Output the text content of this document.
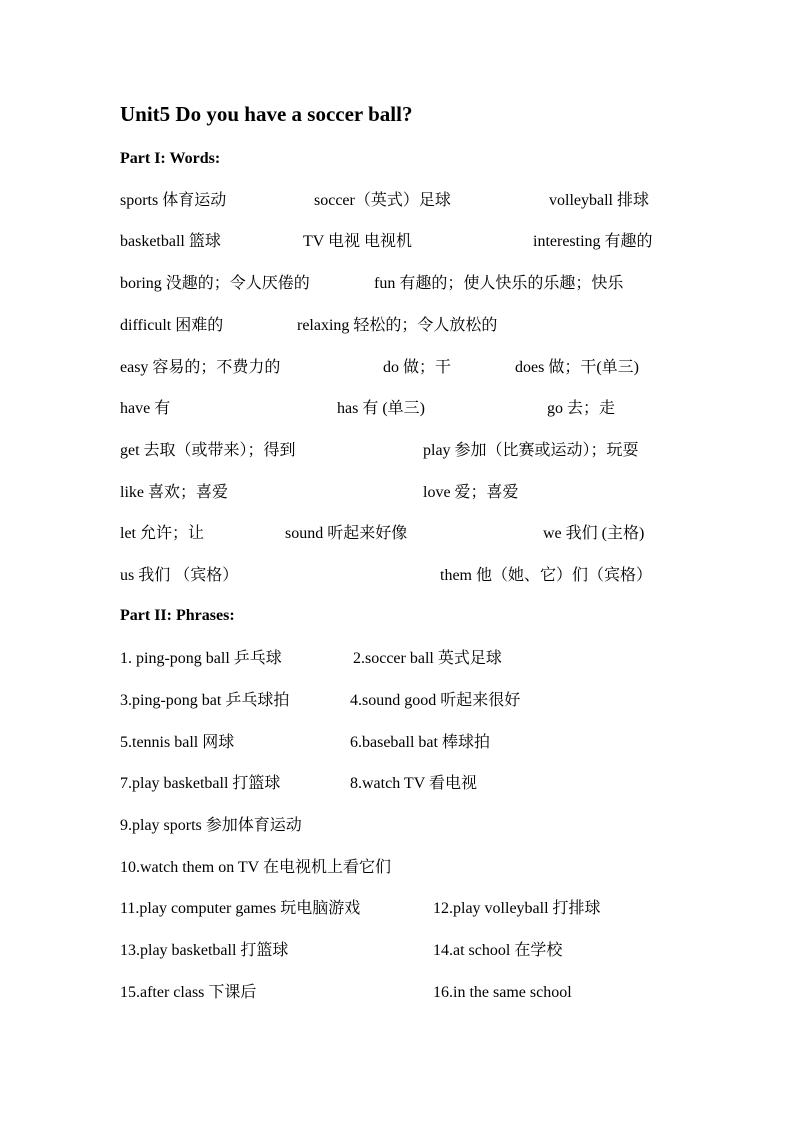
Unit5 Do you have a soccer ball?
Part I: Words:
sports 体育运动	soccer（英式）足球	volleyball 排球
basketball 篮球	TV 电视 电视机	interesting 有趣的
boring 没趣的；令人厌倦的	fun 有趣的；使人快乐的乐趣；快乐
difficult 困难的	relaxing 轻松的；令人放松的
easy 容易的；不费力的	do 做；干	does 做；干(单三)
have 有	has 有 (单三)	go 去；走
get 去取（或带来）；得到	play 参加（比赛或运动）；玩耍
like 喜欢；喜爱	love 爱；喜爱
let 允许；让	sound 听起来好像	we 我们 (主格)
us 我们 （宾格）	them 他（她、它）们（宾格）
Part II: Phrases:
1. ping-pong ball 乒乓球	2.soccer ball 英式足球
3.ping-pong bat 乒乓球拍	4.sound good 听起来很好
5.tennis ball 网球	6.baseball bat 棒球拍
7.play basketball 打篮球	8.watch TV 看电视
9.play sports 参加体育运动
10.watch them on TV 在电视机上看它们
11.play computer games 玩电脑游戏	12.play volleyball 打排球
13.play basketball 打篮球	14.at school 在学校
15.after class 下课后	16.in the same school
